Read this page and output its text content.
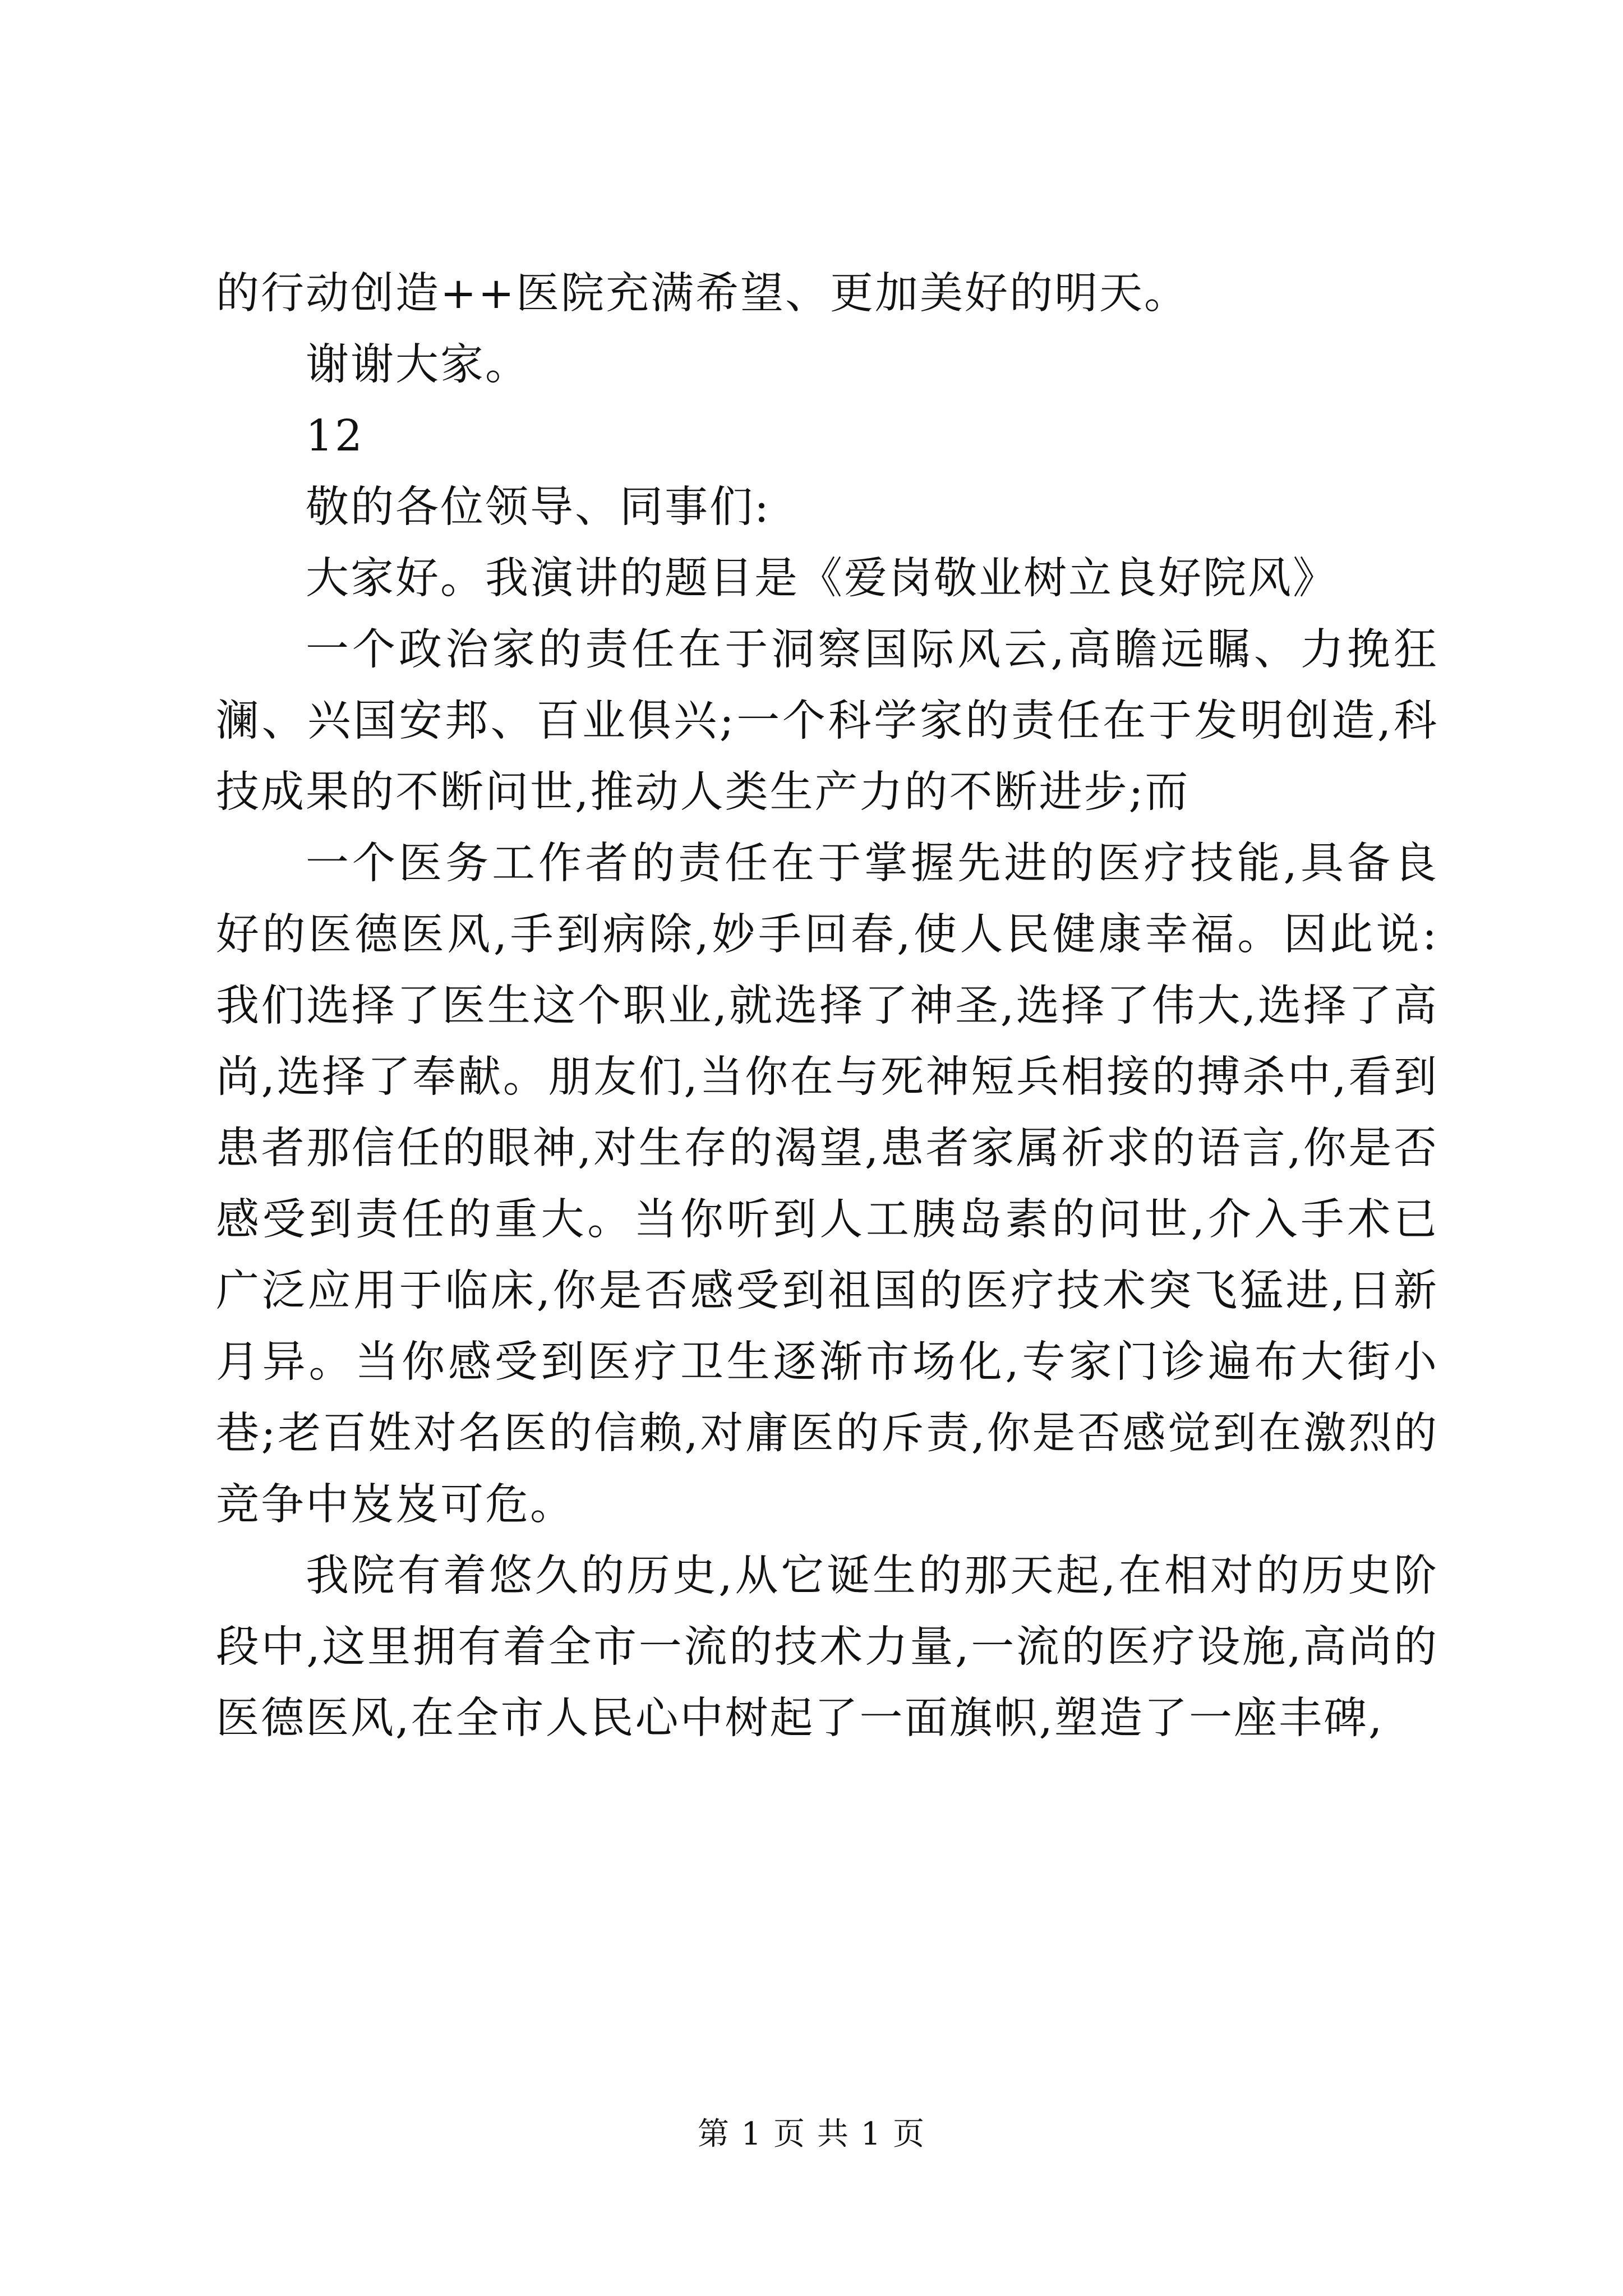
的行动创造++医院充满希望、更加美好的明天。

谢谢大家。

12

敬的各位领导、同事们:

大家好。我演讲的题目是《爱岗敬业树立良好院风》

一个政治家的责任在于洞察国际风云,高瞻远瞩、力挽狂澜、兴国安邦、百业俱兴;一个科学家的责任在于发明创造,科技成果的不断问世,推动人类生产力的不断进步;而

一个医务工作者的责任在于掌握先进的医疗技能,具备良好的医德医风,手到病除,妙手回春,使人民健康幸福。因此说:我们选择了医生这个职业,就选择了神圣,选择了伟大,选择了高尚,选择了奉献。朋友们,当你在与死神短兵相接的搏杀中,看到患者那信任的眼神,对生存的渴望,患者家属祈求的语言,你是否感受到责任的重大。当你听到人工胰岛素的问世,介入手术已广泛应用于临床,你是否感受到祖国的医疗技术突飞猛进,日新月异。当你感受到医疗卫生逐渐市场化,专家门诊遍布大街小巷;老百姓对名医的信赖,对庸医的斥责,你是否感觉到在激烈的竞争中岌岌可危。

我院有着悠久的历史,从它诞生的那天起,在相对的历史阶段中,这里拥有着全市一流的技术力量,一流的医疗设施,高尚的医德医风,在全市人民心中树起了一面旗帜,塑造了一座丰碑,

第 1 页 共 1 页
